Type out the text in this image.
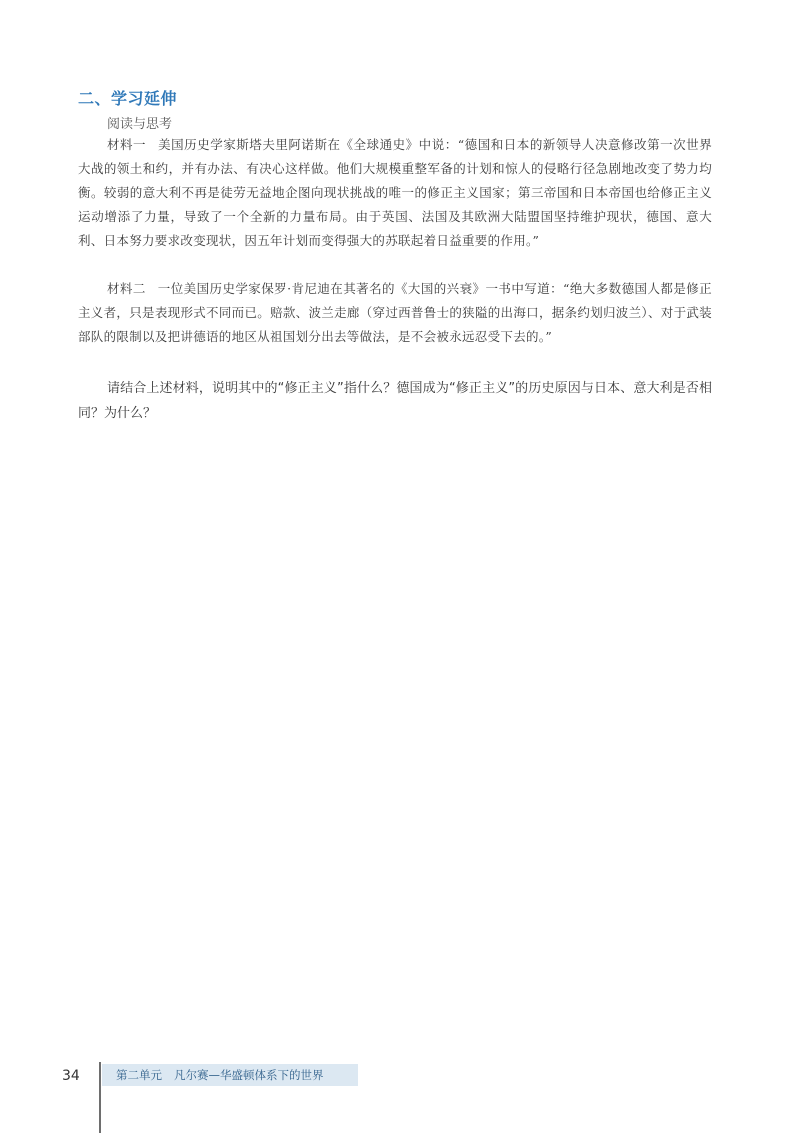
二、学习延伸
阅读与思考

材料一 美国历史学家斯塔夫里阿诺斯在《全球通史》中说：“德国和日本的新领导人决意修改第一次世界大战的领土和约，并有办法、有决心这样做。他们大规模重整军备的计划和惊人的侵略行径急剧地改变了势力均衡。较弱的意大利不再是徒劳无益地企图向现状挑战的唯一的修正主义国家；第三帝国和日本帝国也给修正主义运动增添了力量，导致了一个全新的力量布局。由于英国、法国及其欧洲大陆盟国坚持维护现状，德国、意大利、日本努力要求改变现状，因五年计划而变得强大的苏联起着日益重要的作用。”

材料二 一位美国历史学家保罗·肯尼迪在其著名的《大国的兴衰》一书中写道：“绝大多数德国人都是修正主义者，只是表现形式不同而已。赔款、波兰走廊（穿过西普鲁士的狭隘的出海口，据条约划归波兰）、对于武装部队的限制以及把讲德语的地区从祖国划分出去等做法，是不会被永远忍受下去的。”

请结合上述材料，说明其中的“修正主义”指什么？德国成为“修正主义”的历史原因与日本、意大利是否相同？为什么？

34	第二单元 凡尔赛—华盛顿体系下的世界
